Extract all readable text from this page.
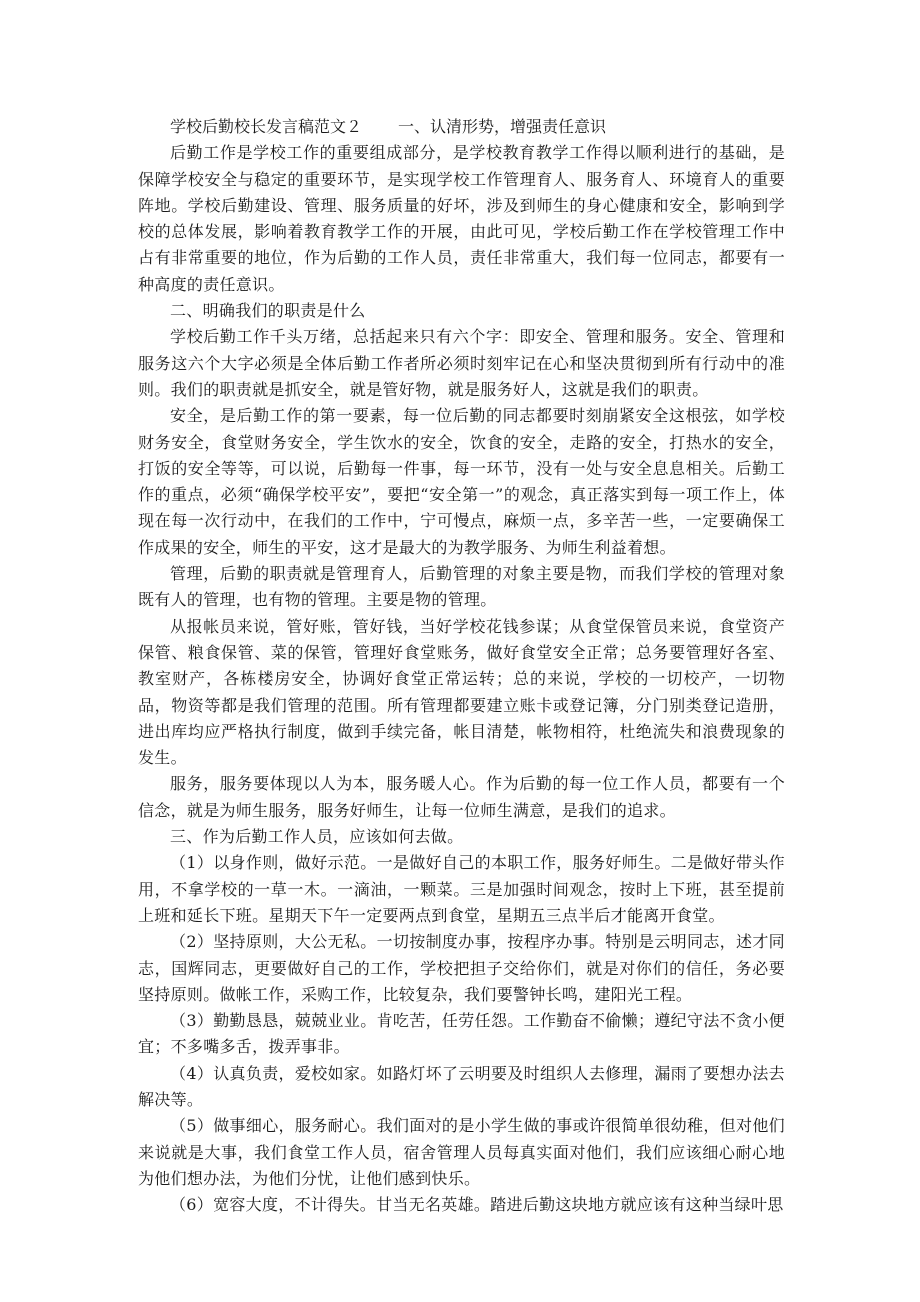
学校后勤校长发言稿范文２ 一、认清形势，增强责任意识

后勤工作是学校工作的重要组成部分，是学校教育教学工作得以顺利进行的基础，是保障学校安全与稳定的重要环节，是实现学校工作管理育人、服务育人、环境育人的重要阵地。学校后勤建设、管理、服务质量的好坏，涉及到师生的身心健康和安全，影响到学校的总体发展，影响着教育教学工作的开展，由此可见，学校后勤工作在学校管理工作中占有非常重要的地位，作为后勤的工作人员，责任非常重大，我们每一位同志，都要有一种高度的责任意识。

二、明确我们的职责是什么

学校后勤工作千头万绪，总括起来只有六个字：即安全、管理和服务。安全、管理和服务这六个大字必须是全体后勤工作者所必须时刻牢记在心和坚决贯彻到所有行动中的准则。我们的职责就是抓安全，就是管好物，就是服务好人，这就是我们的职责。

安全，是后勤工作的第一要素，每一位后勤的同志都要时刻崩紧安全这根弦，如学校财务安全，食堂财务安全，学生饮水的安全，饮食的安全，走路的安全，打热水的安全，打饭的安全等等，可以说，后勤每一件事，每一环节，没有一处与安全息息相关。后勤工作的重点，必须“确保学校平安”，要把“安全第一”的观念，真正落实到每一项工作上，体现在每一次行动中，在我们的工作中，宁可慢点，麻烦一点，多辛苦一些，一定要确保工作成果的安全，师生的平安，这才是最大的为教学服务、为师生利益着想。

管理，后勤的职责就是管理育人，后勤管理的对象主要是物，而我们学校的管理对象既有人的管理，也有物的管理。主要是物的管理。

从报帐员来说，管好账，管好钱，当好学校花钱参谋；从食堂保管员来说，食堂资产保管、粮食保管、菜的保管，管理好食堂账务，做好食堂安全正常；总务要管理好各室、教室财产，各栋楼房安全，协调好食堂正常运转；总的来说，学校的一切校产，一切物品，物资等都是我们管理的范围。所有管理都要建立账卡或登记簿，分门别类登记造册，进出库均应严格执行制度，做到手续完备，帐目清楚，帐物相符，杜绝流失和浪费现象的发生。

服务，服务要体现以人为本，服务暖人心。作为后勤的每一位工作人员，都要有一个信念，就是为师生服务，服务好师生，让每一位师生满意，是我们的追求。

三、作为后勤工作人员，应该如何去做。

（1）以身作则，做好示范。一是做好自己的本职工作，服务好师生。二是做好带头作用，不拿学校的一草一木。一滴油，一颗菜。三是加强时间观念，按时上下班，甚至提前上班和延长下班。星期天下午一定要两点到食堂，星期五三点半后才能离开食堂。

（2）坚持原则，大公无私。一切按制度办事，按程序办事。特别是云明同志，述才同志，国辉同志，更要做好自己的工作，学校把担子交给你们，就是对你们的信任，务必要坚持原则。做帐工作，采购工作，比较复杂，我们要警钟长鸣，建阳光工程。

（3）勤勤恳恳，兢兢业业。肯吃苦，任劳任怨。工作勤奋不偷懒；遵纪守法不贪小便宜；不多嘴多舌，拨弄事非。

（4）认真负责，爱校如家。如路灯坏了云明要及时组织人去修理，漏雨了要想办法去解决等。

（5）做事细心，服务耐心。我们面对的是小学生做的事或许很简单很幼稚，但对他们来说就是大事，我们食堂工作人员，宿舍管理人员每真实面对他们，我们应该细心耐心地为他们想办法，为他们分忧，让他们感到快乐。

（6）宽容大度，不计得失。甘当无名英雄。踏进后勤这块地方就应该有这种当绿叶思
